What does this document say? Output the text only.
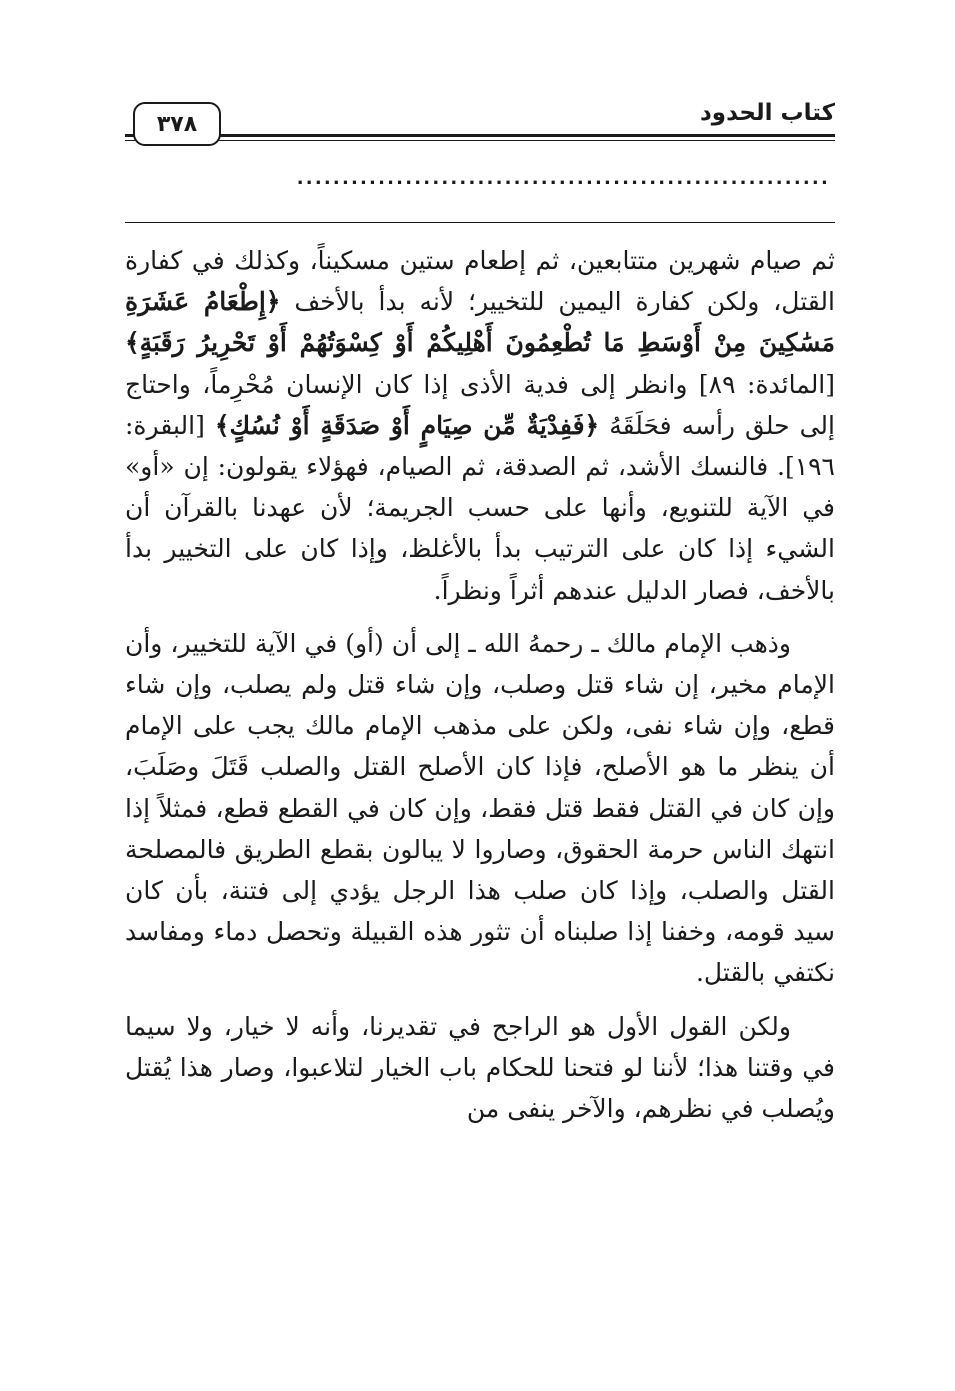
٣٧٨	كتاب الحدود
...........................................................

ثم صيام شهرين متتابعين، ثم إطعام ستين مسكيناً، وكذلك في كفارة القتل، ولكن كفارة اليمين للتخيير؛ لأنه بدأ بالأخف ﴿إِطْعَامُ عَشَرَةِ مَسَٰكِينَ مِنْ أَوْسَطِ مَا تُطْعِمُونَ أَهْلِيكُمْ أَوْ كِسْوَتُهُمْ أَوْ تَحْرِيرُ رَقَبَةٍ﴾ [المائدة: ٨٩] وانظر إلى فدية الأذى إذا كان الإنسان مُحْرِماً، واحتاج إلى حلق رأسه فحَلَقَهُ ﴿فَفِدْيَةٌ مِّن صِيَامٍ أَوْ صَدَقَةٍ أَوْ نُسُكٍ﴾ [البقرة: ١٩٦]. فالنسك الأشد، ثم الصدقة، ثم الصيام، فهؤلاء يقولون: إن «أو» في الآية للتنويع، وأنها على حسب الجريمة؛ لأن عهدنا بالقرآن أن الشيء إذا كان على الترتيب بدأ بالأغلظ، وإذا كان على التخيير بدأ بالأخف، فصار الدليل عندهم أثراً ونظراً.

وذهب الإمام مالك ـ رحمهُ الله ـ إلى أن (أو) في الآية للتخيير، وأن الإمام مخير، إن شاء قتل وصلب، وإن شاء قتل ولم يصلب، وإن شاء قطع، وإن شاء نفى، ولكن على مذهب الإمام مالك يجب على الإمام أن ينظر ما هو الأصلح، فإذا كان الأصلح القتل والصلب قَتَلَ وصَلَبَ، وإن كان في القتل فقط قتل فقط، وإن كان في القطع قطع، فمثلاً إذا انتهك الناس حرمة الحقوق، وصاروا لا يبالون بقطع الطريق فالمصلحة القتل والصلب، وإذا كان صلب هذا الرجل يؤدي إلى فتنة، بأن كان سيد قومه، وخفنا إذا صلبناه أن تثور هذه القبيلة وتحصل دماء ومفاسد نكتفي بالقتل.

ولكن القول الأول هو الراجح في تقديرنا، وأنه لا خيار، ولا سيما في وقتنا هذا؛ لأننا لو فتحنا للحكام باب الخيار لتلاعبوا، وصار هذا يُقتل ويُصلب في نظرهم، والآخر ينفى من
